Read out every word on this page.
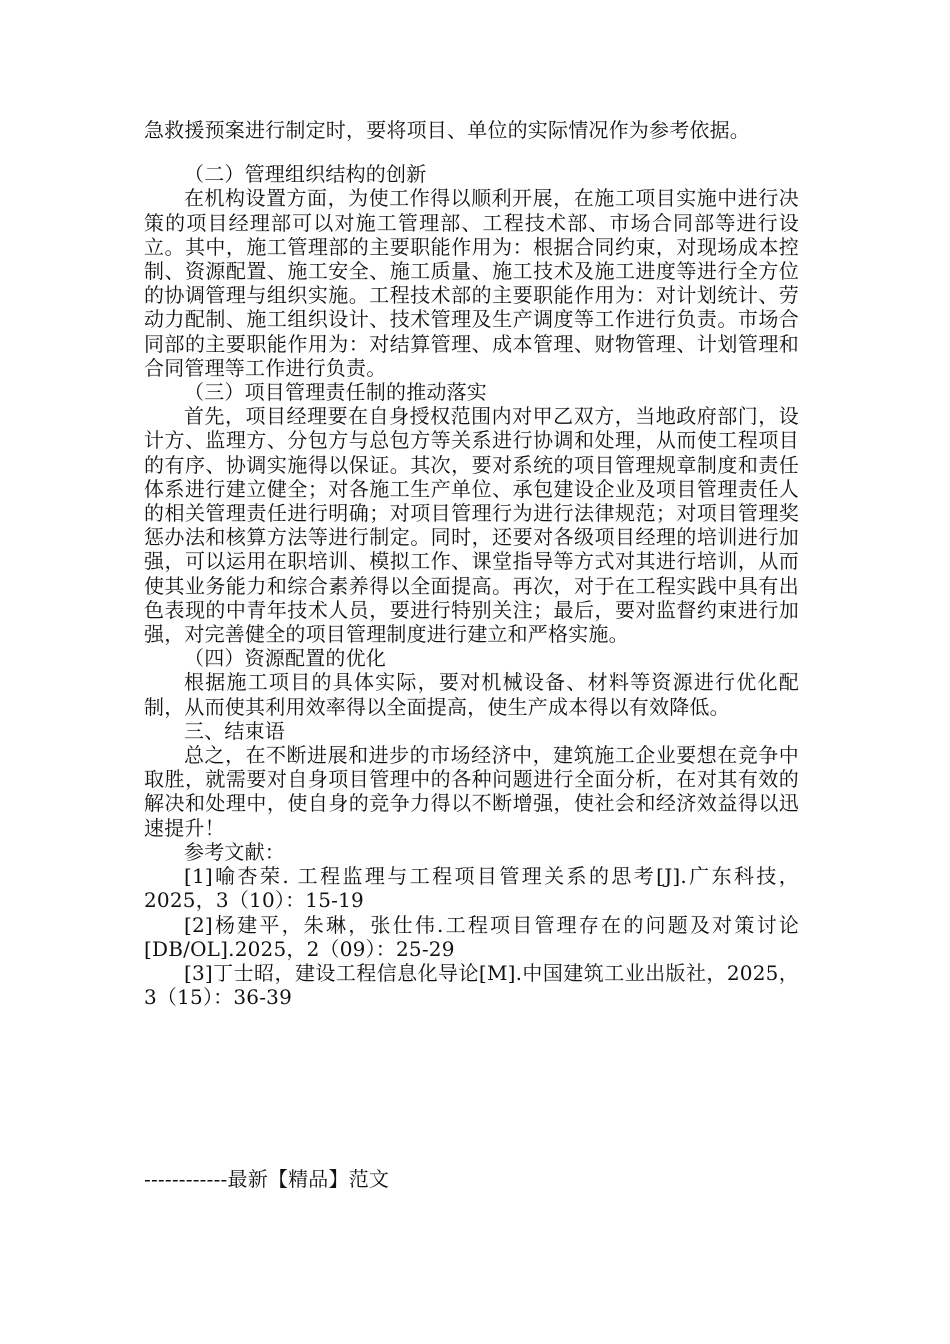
急救援预案进行制定时，要将项目、单位的实际情况作为参考依据。

（二）管理组织结构的创新

在机构设置方面，为使工作得以顺利开展，在施工项目实施中进行决策的项目经理部可以对施工管理部、工程技术部、市场合同部等进行设立。其中，施工管理部的主要职能作用为：根据合同约束，对现场成本控制、资源配置、施工安全、施工质量、施工技术及施工进度等进行全方位的协调管理与组织实施。工程技术部的主要职能作用为：对计划统计、劳动力配制、施工组织设计、技术管理及生产调度等工作进行负责。市场合同部的主要职能作用为：对结算管理、成本管理、财物管理、计划管理和合同管理等工作进行负责。

（三）项目管理责任制的推动落实

首先，项目经理要在自身授权范围内对甲乙双方，当地政府部门，设计方、监理方、分包方与总包方等关系进行协调和处理，从而使工程项目的有序、协调实施得以保证。其次，要对系统的项目管理规章制度和责任体系进行建立健全；对各施工生产单位、承包建设企业及项目管理责任人的相关管理责任进行明确；对项目管理行为进行法律规范；对项目管理奖惩办法和核算方法等进行制定。同时，还要对各级项目经理的培训进行加强，可以运用在职培训、模拟工作、课堂指导等方式对其进行培训，从而使其业务能力和综合素养得以全面提高。再次，对于在工程实践中具有出色表现的中青年技术人员，要进行特别关注；最后，要对监督约束进行加强，对完善健全的项目管理制度进行建立和严格实施。

（四）资源配置的优化

根据施工项目的具体实际，要对机械设备、材料等资源进行优化配制，从而使其利用效率得以全面提高，使生产成本得以有效降低。

三、结束语

总之，在不断进展和进步的市场经济中，建筑施工企业要想在竞争中取胜，就需要对自身项目管理中的各种问题进行全面分析，在对其有效的解决和处理中，使自身的竞争力得以不断增强，使社会和经济效益得以迅速提升！

参考文献：

[1]喻杏荣. 工程监理与工程项目管理关系的思考[J].广东科技，2025，3（10）：15-19

[2]杨建平，朱琳，张仕伟.工程项目管理存在的问题及对策讨论[DB/OL].2025，2（09）：25-29

[3]丁士昭，建设工程信息化导论[M].中国建筑工业出版社，2025，3（15）：36-39

------------最新【精品】范文
